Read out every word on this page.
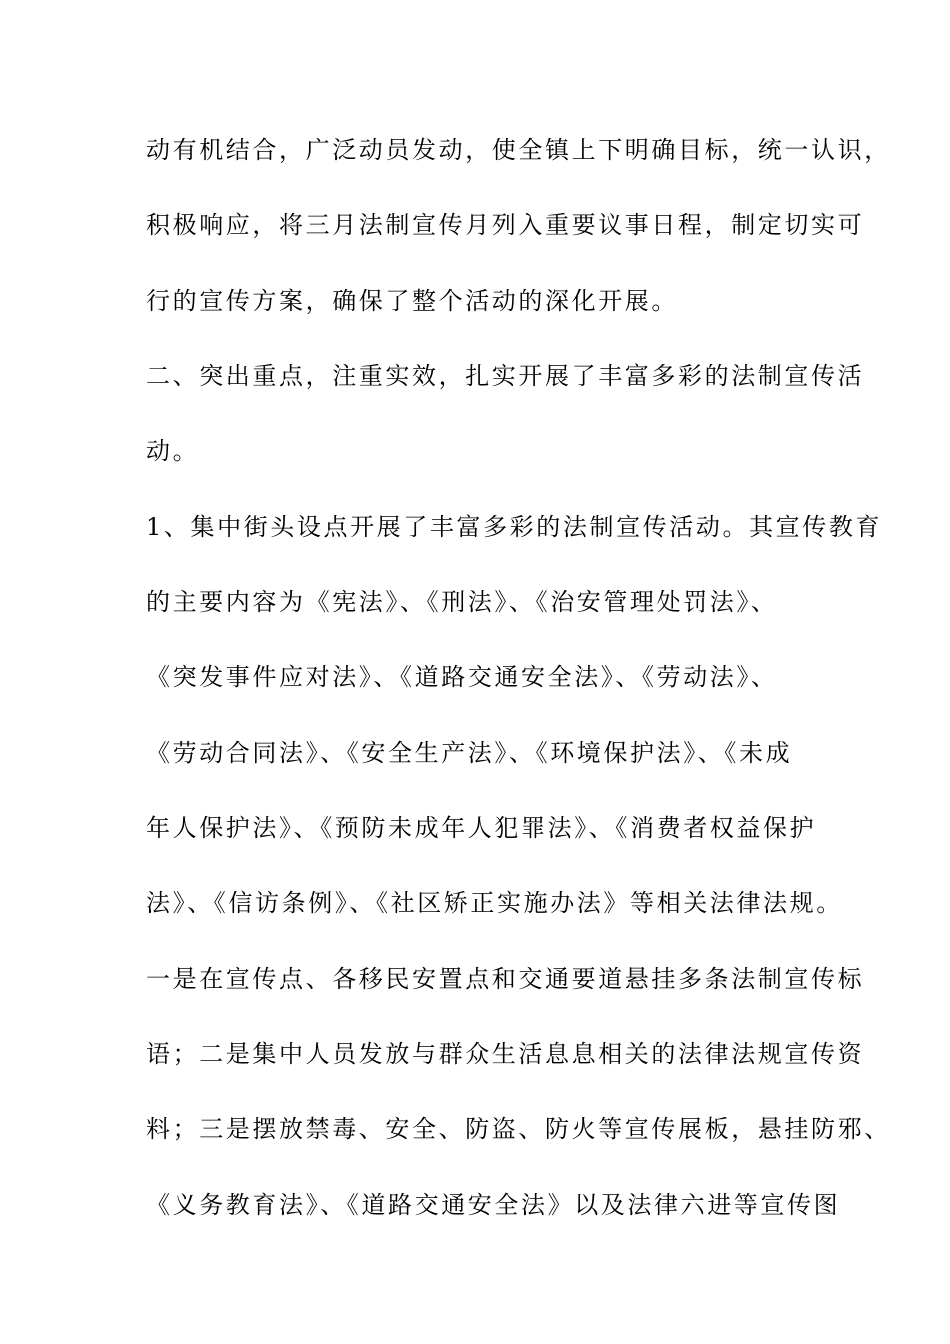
动有机结合，广泛动员发动，使全镇上下明确目标，统一认识，
积极响应，将三月法制宣传月列入重要议事日程，制定切实可
行的宣传方案，确保了整个活动的深化开展。
二、突出重点，注重实效，扎实开展了丰富多彩的法制宣传活
动。
1、集中街头设点开展了丰富多彩的法制宣传活动。其宣传教育
的主要内容为《宪法》、《刑法》、《治安管理处罚法》、
《突发事件应对法》、《道路交通安全法》、《劳动法》、
《劳动合同法》、《安全生产法》、《环境保护法》、《未成
年人保护法》、《预防未成年人犯罪法》、《消费者权益保护
法》、《信访条例》、《社区矫正实施办法》等相关法律法规。
一是在宣传点、各移民安置点和交通要道悬挂多条法制宣传标
语；二是集中人员发放与群众生活息息相关的法律法规宣传资
料；三是摆放禁毒、安全、防盗、防火等宣传展板，悬挂防邪、
《义务教育法》、《道路交通安全法》以及法律六进等宣传图
